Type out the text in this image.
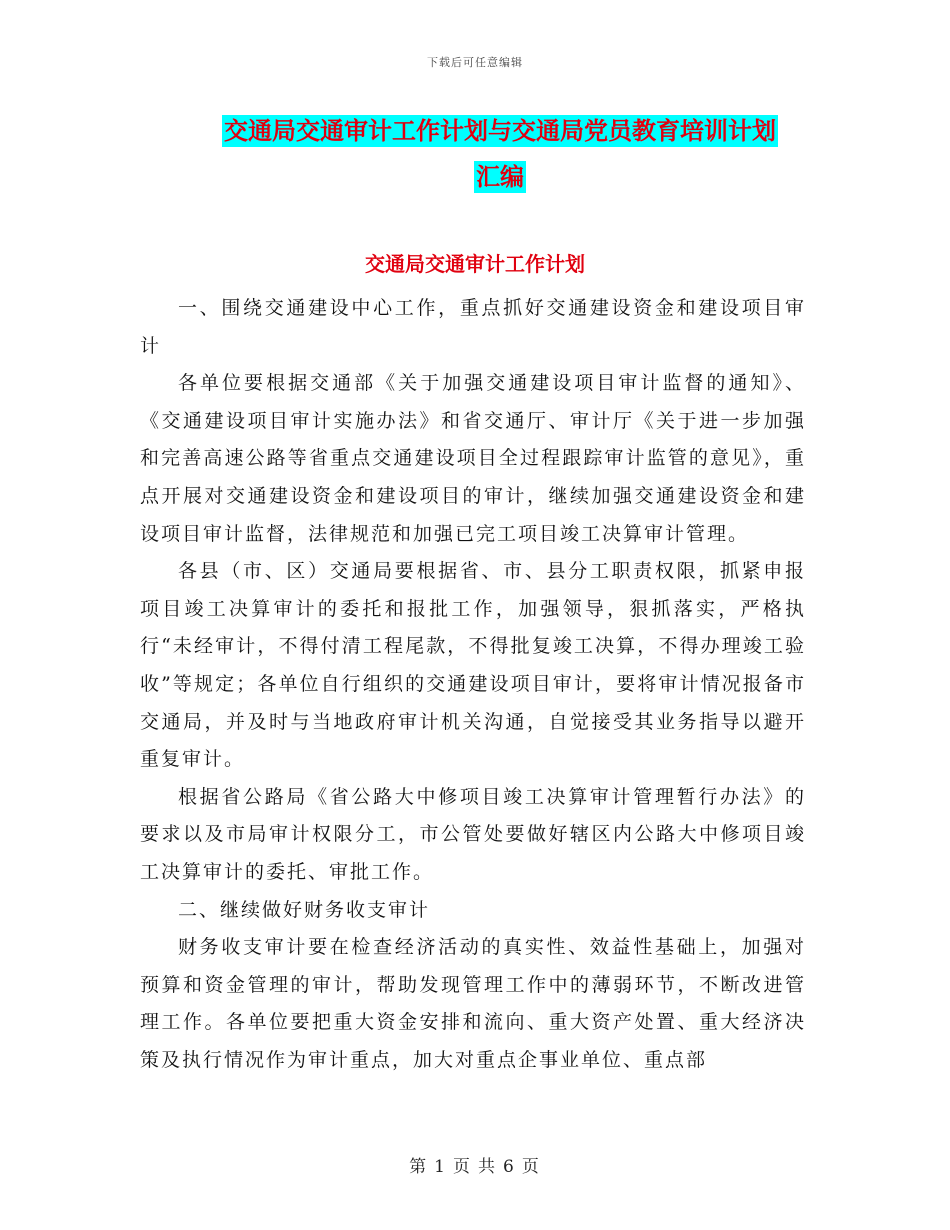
下载后可任意编辑
交通局交通审计工作计划与交通局党员教育培训计划
汇编
交通局交通审计工作计划

一、围绕交通建设中心工作，重点抓好交通建设资金和建设项目审计

各单位要根据交通部《关于加强交通建设项目审计监督的通知》、《交通建设项目审计实施办法》和省交通厅、审计厅《关于进一步加强和完善高速公路等省重点交通建设项目全过程跟踪审计监管的意见》，重点开展对交通建设资金和建设项目的审计，继续加强交通建设资金和建设项目审计监督，法律规范和加强已完工项目竣工决算审计管理。

各县（市、区）交通局要根据省、市、县分工职责权限，抓紧申报项目竣工决算审计的委托和报批工作，加强领导，狠抓落实，严格执行“未经审计，不得付清工程尾款，不得批复竣工决算，不得办理竣工验收”等规定；各单位自行组织的交通建设项目审计，要将审计情况报备市交通局，并及时与当地政府审计机关沟通，自觉接受其业务指导以避开重复审计。

根据省公路局《省公路大中修项目竣工决算审计管理暂行办法》的要求以及市局审计权限分工，市公管处要做好辖区内公路大中修项目竣工决算审计的委托、审批工作。

二、继续做好财务收支审计

财务收支审计要在检查经济活动的真实性、效益性基础上，加强对预算和资金管理的审计，帮助发现管理工作中的薄弱环节，不断改进管理工作。各单位要把重大资金安排和流向、重大资产处置、重大经济决策及执行情况作为审计重点，加大对重点企事业单位、重点部

第 1 页 共 6 页
